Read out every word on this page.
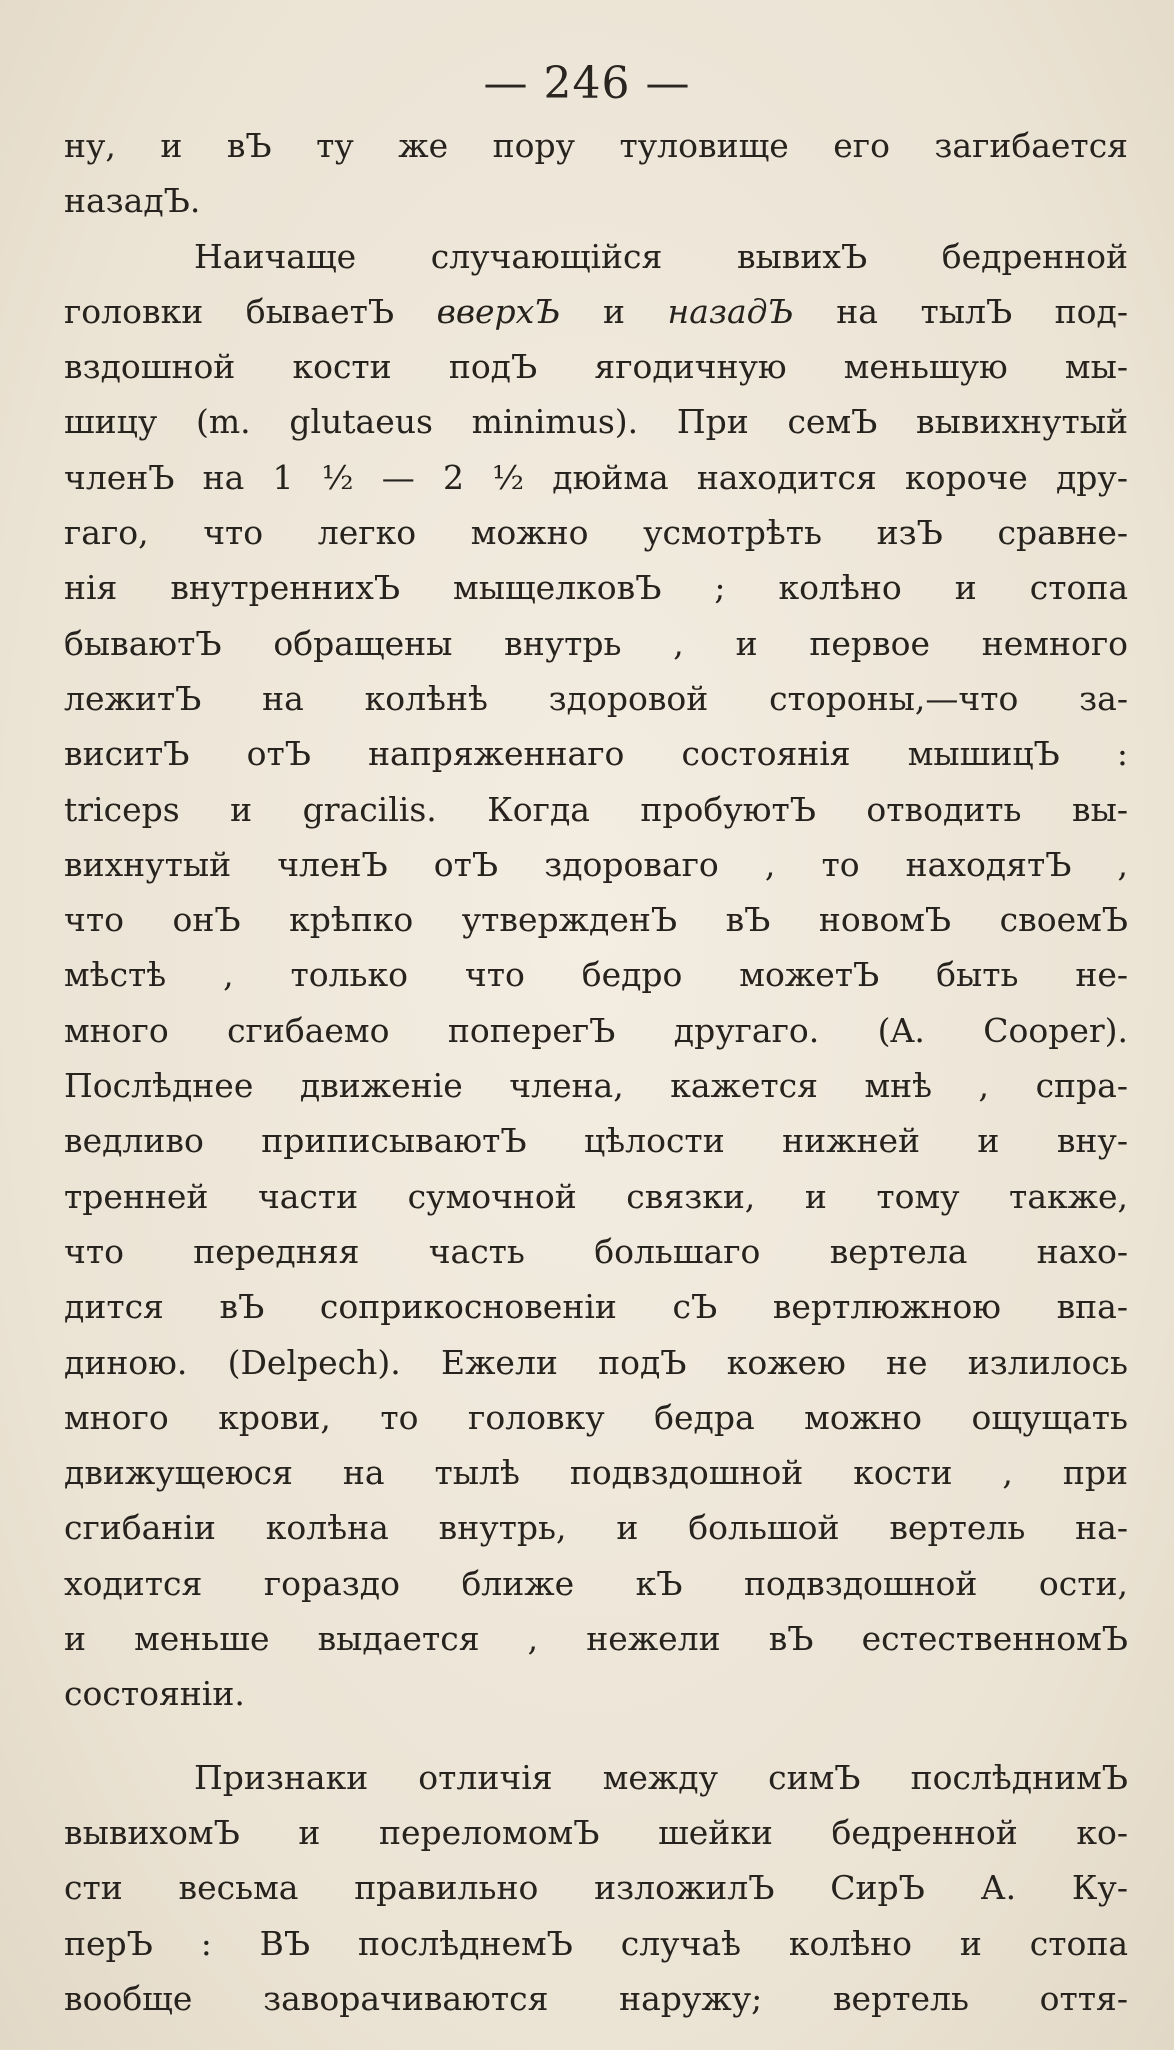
— 246 —
ну, и вЪ ту же пору туловище его загибается
назадЪ.
Наичаще случающійся вывихЪ бедренной
головки бываетЪ вверхЪ и назадЪ на тылЪ под-
вздошной кости подЪ ягодичную меньшую мы-
шицу (m. glutaeus minimus). При семЪ вывихнутый
членЪ на 1 ½ — 2 ½ дюйма находится короче дру-
гаго, что легко можно усмотрѣть изЪ сравне-
нія внутреннихЪ мыщелковЪ ; колѣно и стопа
бываютЪ обращены внутрь , и первое немного
лежитЪ на колѣнѣ здоровой стороны,—что за-
виситЪ отЪ напряженнаго состоянія мышицЪ :
triceps и gracilis. Когда пробуютЪ отводить вы-
вихнутый членЪ отЪ здороваго , то находятЪ ,
что онЪ крѣпко утвержденЪ вЪ новомЪ своемЪ
мѣстѣ , только что бедро можетЪ быть не-
много сгибаемо поперегЪ другаго. (A. Cooper).
Послѣднее движеніе члена, кажется мнѣ , спра-
ведливо приписываютЪ цѣлости нижней и вну-
тренней части сумочной связки, и тому также,
что передняя часть большаго вертела нахо-
дится вЪ соприкосновеніи сЪ вертлюжною впа-
диною. (Delpech). Ежели подЪ кожею не излилось
много крови, то головку бедра можно ощущать
движущеюся на тылѣ подвздошной кости , при
сгибаніи колѣна внутрь, и большой вертель на-
ходится гораздо ближе кЪ подвздошной ости,
и меньше выдается , нежели вЪ естественномЪ
состояніи.
Признаки отличія между симЪ послѣднимЪ
вывихомЪ и переломомЪ шейки бедренной ко-
сти весьма правильно изложилЪ СирЪ А. Ку-
перЪ : ВЪ послѣднемЪ случаѣ колѣно и стопа
вообще заворачиваются наружу; вертель оття-
